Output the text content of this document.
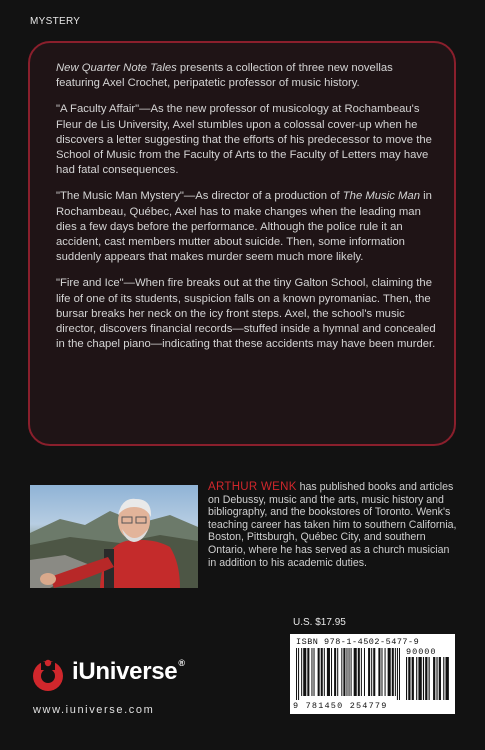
MYSTERY

New Quarter Note Tales presents a collection of three new novellas featuring Axel Crochet, peripatetic professor of music history.

"A Faculty Affair"—As the new professor of musicology at Rochambeau's Fleur de Lis University, Axel stumbles upon a colossal cover-up when he discovers a letter suggesting that the efforts of his predecessor to move the School of Music from the Faculty of Arts to the Faculty of Letters may have had fatal consequences.

"The Music Man Mystery"—As director of a production of The Music Man in Rochambeau, Québec, Axel has to make changes when the leading man dies a few days before the performance. Although the police rule it an accident, cast members mutter about suicide. Then, some information suddenly appears that makes murder seem much more likely.

"Fire and Ice"—When fire breaks out at the tiny Galton School, claiming the life of one of its students, suspicion falls on a known pyromaniac. Then, the bursar breaks her neck on the icy front steps. Axel, the school's music director, discovers financial records—stuffed inside a hymnal and concealed in the chapel piano—indicating that these accidents may have been murder.

ARTHUR WENK has published books and articles on Debussy, music and the arts, music history and bibliography, and the bookstores of Toronto. Wenk's teaching career has taken him to southern California, Boston, Pittsburgh, Québec City, and southern Ontario, where he has served as a church musician in addition to his academic duties.

U.S. $17.95
ISBN 978-1-4502-5477-9
90000
9 781450 254779
iUniverse®
www.iuniverse.com
